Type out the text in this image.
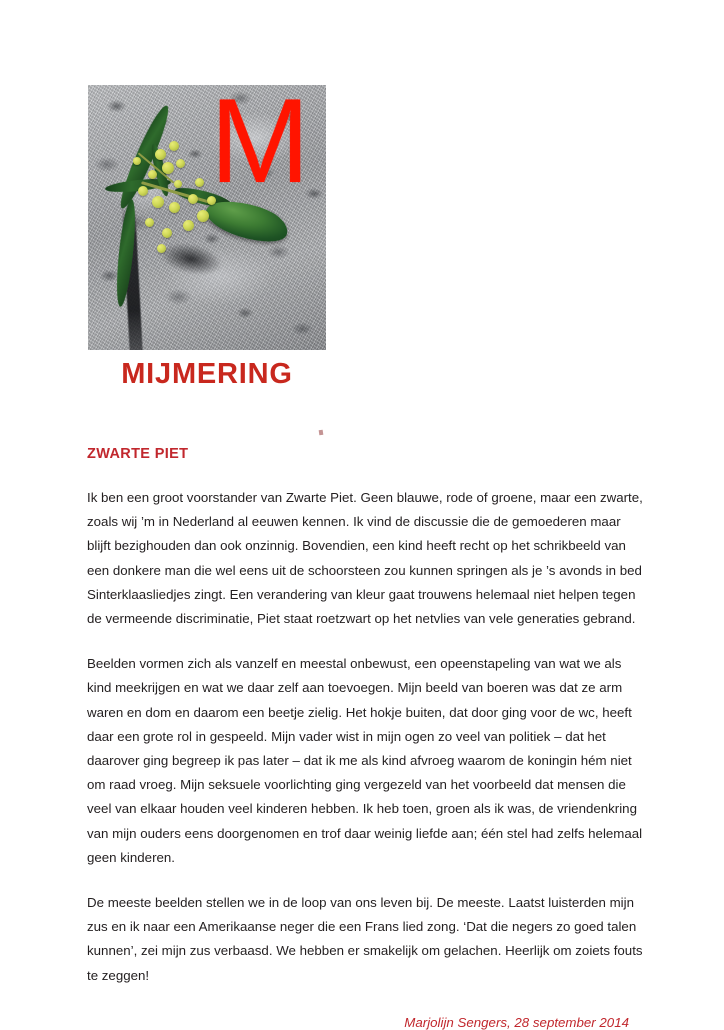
M
MIJMERING
ZWARTE PIET

Ik ben een groot voorstander van Zwarte Piet. Geen blauwe, rode of groene, maar een zwarte, zoals wij ’m in Nederland al eeuwen kennen. Ik vind de discussie die de gemoederen maar blijft bezighouden dan ook onzinnig. Bovendien, een kind heeft recht op het schrikbeeld van een donkere man die wel eens uit de schoorsteen zou kunnen springen als je ’s avonds in bed Sinterklaasliedjes zingt. Een verandering van kleur gaat trouwens helemaal niet helpen tegen de vermeende discriminatie, Piet staat roetzwart op het netvlies van vele generaties gebrand.

Beelden vormen zich als vanzelf en meestal onbewust, een opeenstapeling van wat we als kind meekrijgen en wat we daar zelf aan toevoegen. Mijn beeld van boeren was dat ze arm waren en dom en daarom een beetje zielig. Het hokje buiten, dat door ging voor de wc, heeft daar een grote rol in gespeeld. Mijn vader wist in mijn ogen zo veel van politiek – dat het daarover ging begreep ik pas later – dat ik me als kind afvroeg waarom de koningin hém niet om raad vroeg. Mijn seksuele voorlichting ging vergezeld van het voorbeeld dat mensen die veel van elkaar houden veel kinderen hebben. Ik heb toen, groen als ik was, de vriendenkring van mijn ouders eens doorgenomen en trof daar weinig liefde aan; één stel had zelfs helemaal geen kinderen.

De meeste beelden stellen we in de loop van ons leven bij. De meeste. Laatst luisterden mijn zus en ik naar een Amerikaanse neger die een Frans lied zong. ‘Dat die negers zo goed talen kunnen’, zei mijn zus verbaasd. We hebben er smakelijk om gelachen. Heerlijk om zoiets fouts te zeggen!

Marjolijn Sengers, 28 september 2014
